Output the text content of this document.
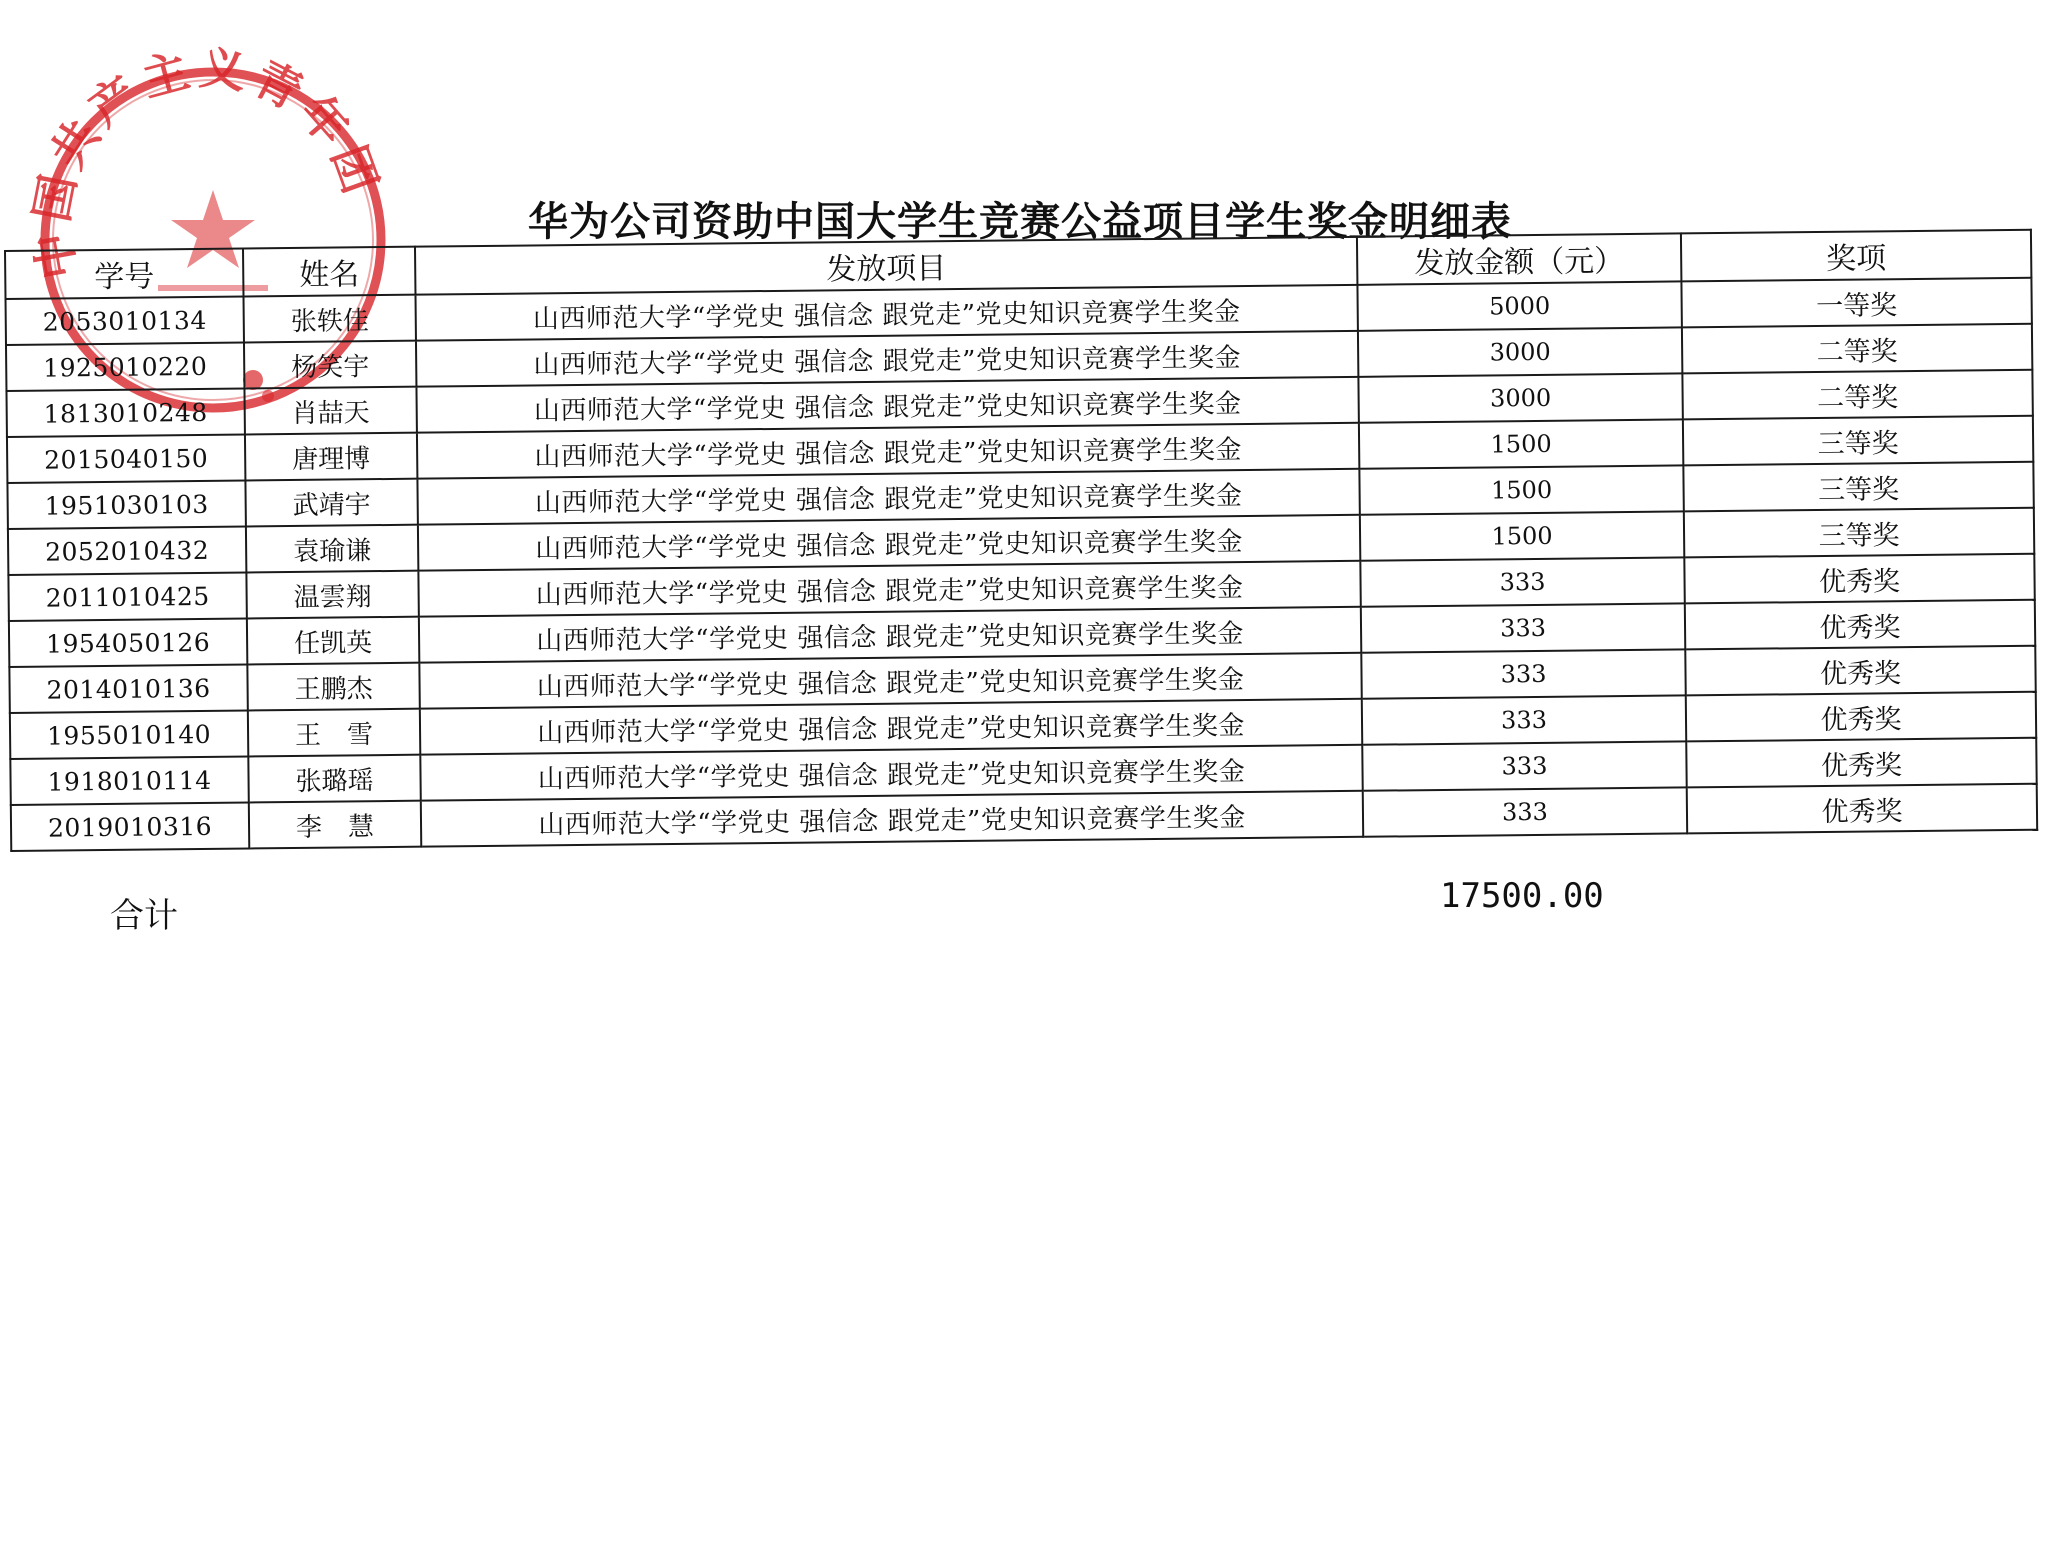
中国共产主义青年团
华为公司资助中国大学生竞赛公益项目学生奖金明细表
学号	姓名	发放项目	发放金额（元）	奖项
2053010134	张轶佳	山西师范大学“学党史 强信念 跟党走”党史知识竞赛学生奖金	5000	一等奖
1925010220	杨笑宇	山西师范大学“学党史 强信念 跟党走”党史知识竞赛学生奖金	3000	二等奖
1813010248	肖喆天	山西师范大学“学党史 强信念 跟党走”党史知识竞赛学生奖金	3000	二等奖
2015040150	唐理博	山西师范大学“学党史 强信念 跟党走”党史知识竞赛学生奖金	1500	三等奖
1951030103	武靖宇	山西师范大学“学党史 强信念 跟党走”党史知识竞赛学生奖金	1500	三等奖
2052010432	袁瑜谦	山西师范大学“学党史 强信念 跟党走”党史知识竞赛学生奖金	1500	三等奖
2011010425	温雲翔	山西师范大学“学党史 强信念 跟党走”党史知识竞赛学生奖金	333	优秀奖
1954050126	任凯英	山西师范大学“学党史 强信念 跟党走”党史知识竞赛学生奖金	333	优秀奖
2014010136	王鹏杰	山西师范大学“学党史 强信念 跟党走”党史知识竞赛学生奖金	333	优秀奖
1955010140	王　雪	山西师范大学“学党史 强信念 跟党走”党史知识竞赛学生奖金	333	优秀奖
1918010114	张璐瑶	山西师范大学“学党史 强信念 跟党走”党史知识竞赛学生奖金	333	优秀奖
2019010316	李　慧	山西师范大学“学党史 强信念 跟党走”党史知识竞赛学生奖金	333	优秀奖
合计	17500.00
